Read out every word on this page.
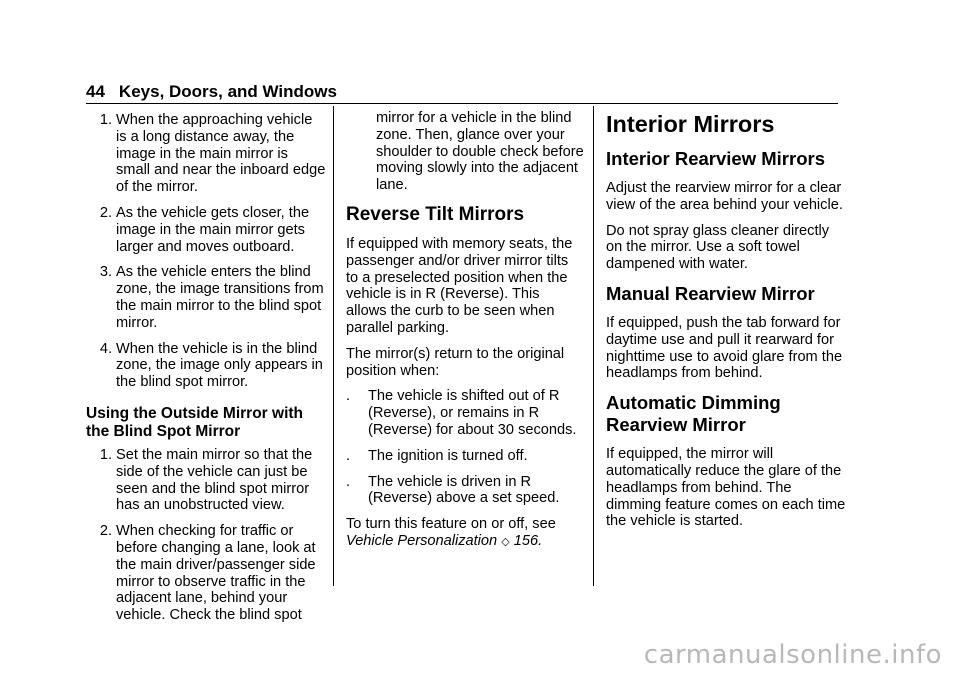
44 Keys, Doors, and Windows
1. When the approaching vehicle is a long distance away, the image in the main mirror is small and near the inboard edge of the mirror.
2. As the vehicle gets closer, the image in the main mirror gets larger and moves outboard.
3. As the vehicle enters the blind zone, the image transitions from the main mirror to the blind spot mirror.
4. When the vehicle is in the blind zone, the image only appears in the blind spot mirror.
Using the Outside Mirror with the Blind Spot Mirror
1. Set the main mirror so that the side of the vehicle can just be seen and the blind spot mirror has an unobstructed view.
2. When checking for traffic or before changing a lane, look at the main driver/passenger side mirror to observe traffic in the adjacent lane, behind your vehicle. Check the blind spot

mirror for a vehicle in the blind zone. Then, glance over your shoulder to double check before moving slowly into the adjacent lane.

Reverse Tilt Mirrors

If equipped with memory seats, the passenger and/or driver mirror tilts to a preselected position when the vehicle is in R (Reverse). This allows the curb to be seen when parallel parking.

The mirror(s) return to the original position when:

. The vehicle is shifted out of R (Reverse), or remains in R (Reverse) for about 30 seconds.
. The ignition is turned off.
. The vehicle is driven in R (Reverse) above a set speed.

To turn this feature on or off, see
Vehicle Personalization ◇ 156.

Interior Mirrors
Interior Rearview Mirrors

Adjust the rearview mirror for a clear view of the area behind your vehicle.

Do not spray glass cleaner directly on the mirror. Use a soft towel dampened with water.

Manual Rearview Mirror

If equipped, push the tab forward for daytime use and pull it rearward for nighttime use to avoid glare from the headlamps from behind.

Automatic Dimming Rearview Mirror

If equipped, the mirror will automatically reduce the glare of the headlamps from behind. The dimming feature comes on each time the vehicle is started.

carmanualsonline.info
